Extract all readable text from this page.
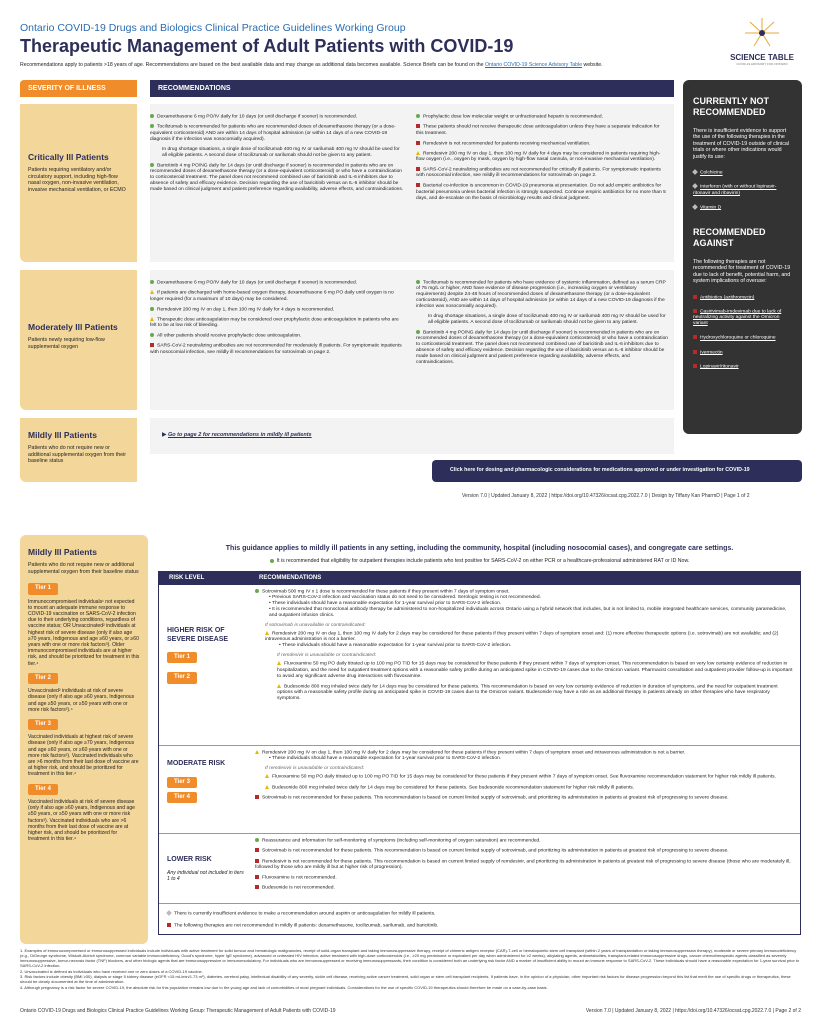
Ontario COVID-19 Drugs and Biologics Clinical Practice Guidelines Working Group
Therapeutic Management of Adult Patients with COVID-19
Recommendations apply to patients >18 years of age. Recommendations are based on the best available data and may change as additional data becomes available. Science Briefs can be found on the Ontario COVID-19 Science Advisory Table website.
SCIENCE TABLE
COVID-19 ADVISORY FOR ONTARIO
SEVERITY OF ILLNESS	RECOMMENDATIONS
Critically Ill Patients
Patients requiring ventilatory and/or circulatory support, including high-flow nasal oxygen, non-invasive ventilation, invasive mechanical ventilation, or ECMO
Dexamethasone 6 mg PO/IV daily for 10 days (or until discharge if sooner) is recommended.
Tocilizumab is recommended for patients who are recommended doses of dexamethasone therapy (or a dose-equivalent corticosteroid) AND are within 14 days of hospital admission (or within 14 days of a new COVID-19 diagnosis if the infection was nosocomially acquired).
In drug shortage situations, a single dose of tocilizumab 400 mg IV or sarilumab 400 mg IV should be used for all eligible patients. A second dose of tocilizumab or sarilumab should not be given to any patient.
Baricitinib 4 mg PO/NG daily for 14 days (or until discharge if sooner) is recommended in patients who are on recommended doses of dexamethasone therapy (or a dose-equivalent corticosteroid) or who have a contraindication to corticosteroid treatment. The panel does not recommend combined use of baricitinib and IL-6 inhibitors due to absence of safety and efficacy evidence. Decision regarding the use of baricitinib versus an IL-6 inhibitor should be made based on clinical judgment and patient preference regarding availability, adverse effects, and contraindications.
Prophylactic dose low molecular weight or unfractionated heparin is recommended.
These patients should not receive therapeutic dose anticoagulation unless they have a separate indication for this treatment.
Remdesivir is not recommended for patients receiving mechanical ventilation.
Remdesivir 200 mg IV on day 1, then 100 mg IV daily for 4 days may be considered in patients requiring high-flow oxygen (i.e., oxygen by mask, oxygen by high-flow nasal cannula, or non-invasive mechanical ventilation).
SARS-CoV-2 neutralizing antibodies are not recommended for critically ill patients. For symptomatic inpatients with nosocomial infection, see mildly ill recommendations for sotrovimab on page 2.
Bacterial co-infection is uncommon in COVID-19 pneumonia at presentation. Do not add empiric antibiotics for bacterial pneumonia unless bacterial infection is strongly suspected. Continue empiric antibiotics for no more than 5 days, and de-escalate on the basis of microbiology results and clinical judgment.
Moderately Ill Patients
Patients newly requiring low-flow supplemental oxygen
Dexamethasone 6 mg PO/IV daily for 10 days (or until discharge if sooner) is recommended.
If patients are discharged with home-based oxygen therapy, dexamethasone 6 mg PO daily until oxygen is no longer required (for a maximum of 10 days) may be considered.
Remdesivir 200 mg IV on day 1, then 100 mg IV daily for 4 days is recommended.
Therapeutic dose anticoagulation may be considered over prophylactic dose anticoagulation in patients who are felt to be at low risk of bleeding.
All other patients should receive prophylactic dose anticoagulation.
SARS-CoV-2 neutralizing antibodies are not recommended for moderately ill patients. For symptomatic inpatients with nosocomial infection, see mildly ill recommendations for sotrovimab on page 2.
Tocilizumab is recommended for patients who have evidence of systemic inflammation, defined as a serum CRP of 75 mg/L or higher, AND have evidence of disease progression (i.e., increasing oxygen or ventilatory requirements) despite 24-48 hours of recommended doses of dexamethasone therapy (or a dose-equivalent corticosteroid), AND are within 14 days of hospital admission (or within 14 days of a new COVID-19 diagnosis if the infection was nosocomially acquired).
In drug shortage situations, a single dose of tocilizumab 400 mg IV or sarilumab 400 mg IV should be used for all eligible patients. A second dose of tocilizumab or sarilumab should not be given to any patient.
Baricitinib 4 mg PO/NG daily for 14 days (or until discharge if sooner) is recommended in patients who are on recommended doses of dexamethasone therapy (or a dose-equivalent corticosteroid) or who have a contraindication to corticosteroid treatment. The panel does not recommend combined use of baricitinib and IL-6 inhibitors due to absence of safety and efficacy evidence. Decision regarding the use of baricitinib versus an IL-6 inhibitor should be made based on clinical judgment and patient preference regarding availability, adverse effects, and contraindications.
Mildly Ill Patients
Patients who do not require new or additional supplemental oxygen from their baseline status
▶ Go to page 2 for recommendations in mildly ill patients
CURRENTLY NOT RECOMMENDED
There is insufficient evidence to support the use of the following therapies in the treatment of COVID-19 outside of clinical trials or where other indications would justify its use:
Colchicine
Interferon (with or without lopinavir-ritonavir and ribavirin)
Vitamin D
RECOMMENDED AGAINST
The following therapies are not recommended for treatment of COVID-19 due to lack of benefit, potential harm, and system implications of overuse:
Antibiotics (azithromycin)
Casirivimab-imdevimab due to lack of neutralizing activity against the Omicron variant
Hydroxychloroquine or chloroquine
Ivermectin
Lopinavir/ritonavir
Click here for dosing and pharmacologic considerations for medications approved or under investigation for COVID-19
Version 7.0 | Updated January 8, 2022 | https://doi.org/10.47326/ocsat.cpg.2022.7.0 | Design by Tiffany Kan PharmD | Page 1 of 2
Mildly Ill Patients
Patients who do not require new or additional supplemental oxygen from their baseline status
Tier 1
Immunocompromised individuals¹ not expected to mount an adequate immune response to COVID-19 vaccination or SARS-CoV-2 infection due to their underlying conditions, regardless of vaccine status; OR Unvaccinated² individuals at highest risk of severe disease (only if also age ≥70 years, Indigenous and age ≥60 years, or ≥60 years with one or more risk factors³). Older immunocompromised individuals are at higher risk, and should be prioritized for treatment in this tier.⁴
Tier 2
Unvaccinated² individuals at risk of severe disease (only if also age ≥60 years, Indigenous and age ≥50 years, or ≥50 years with one or more risk factors³).⁴
Tier 3
Vaccinated individuals at highest risk of severe disease (only if also age ≥70 years, Indigenous and age ≥60 years, or ≥60 years with one or more risk factors³). Vaccinated individuals who are >6 months from their last dose of vaccine are at higher risk, and should be prioritized for treatment in this tier.⁴
Tier 4
Vaccinated individuals at risk of severe disease (only if also age ≥60 years, Indigenous and age ≥50 years, or ≥50 years with one or more risk factors³). Vaccinated individuals who are >6 months from their last dose of vaccine are at higher risk, and should be prioritized for treatment in this tier.⁴
This guidance applies to mildly ill patients in any setting, including the community, hospital (including nosocomial cases), and congregate care settings.
It is recommended that eligibility for outpatient therapies include patients who test positive for SARS-CoV-2 on either PCR or a healthcare-professional administered RAT or ID Now.
RISK LEVEL	RECOMMENDATIONS
HIGHER RISK OF SEVERE DISEASE
Tier 1
Tier 2
Sotrovimab 500 mg IV x 1 dose is recommended for these patients if they present within 7 days of symptom onset.
• Previous SARS-CoV-2 infection and vaccination status do not need to be considered. Serologic testing is not recommended.
• These individuals should have a reasonable expectation for 1-year survival prior to SARS-CoV-2 infection.
• It is recommended that monoclonal antibody therapy be administered to non-hospitalized individuals across Ontario using a hybrid network that includes, but is not limited to, mobile integrated healthcare services, community paramedicine, and outpatient infusion clinics.
If sotrovimab is unavailable or contraindicated:
Remdesivir 200 mg IV on day 1, then 100 mg IV daily for 2 days may be considered for these patients if they present within 7 days of symptom onset and: (1) more effective therapeutic options (i.e. sotrovimab) are not available; and (2) intravenous administration is not a barrier.
• These individuals should have a reasonable expectation for 1-year survival prior to SARS-CoV-2 infection.
If remdesivir is unavailable or contraindicated:
Fluvoxamine 50 mg PO daily titrated up to 100 mg PO TID for 15 days may be considered for these patients if they present within 7 days of symptom onset. This recommendation is based on very low certainty evidence of reduction in hospitalization, and the need for outpatient treatment options with a reasonable safety profile during an anticipated spike in COVID-19 cases due to the Omicron variant. Pharmacist consultation and outpatient provider follow-up is important to avoid any significant adverse drug interactions with fluvoxamine.
Budesonide 800 mcg inhaled twice daily for 14 days may be considered for these patients. This recommendation is based on very low certainty evidence of reduction in duration of symptoms, and the need for outpatient treatment options with a reasonable safety profile during an anticipated spike in COVID-19 cases due to the Omicron variant. Budesonide may have a role as an additional therapy in patients already on other therapies who have respiratory symptoms.
MODERATE RISK
Tier 3
Tier 4
Remdesivir 200 mg IV on day 1, then 100 mg IV daily for 2 days may be considered for these patients if they present within 7 days of symptom onset and intravenous administration is not a barrier.
• These individuals should have a reasonable expectation for 1-year survival prior to SARS-CoV-2 infection.
If remdesivir is unavailable or contraindicated:
Fluvoxamine 50 mg PO daily titrated up to 100 mg PO TID for 15 days may be considered for these patients if they present within 7 days of symptom onset. See fluvoxamine recommendation statement for higher risk mildly ill patients.
Budesonide 800 mcg inhaled twice daily for 14 days may be considered for these patients. See budesonide recommendation statement for higher risk mildly ill patients.
Sotrovimab is not recommended for these patients. This recommendation is based on current limited supply of sotrovimab, and prioritizing its administration in patients at greatest risk of progressing to severe disease.
LOWER RISK
Any individual not included in tiers 1 to 4
Reassurance and information for self-monitoring of symptoms (including self-monitoring of oxygen saturation) are recommended.
Sotrovimab is not recommended for these patients. This recommendation is based on current limited supply of sotrovimab, and prioritizing its administration in patients at greatest risk of progressing to severe disease.
Remdesivir is not recommended for these patients. This recommendation is based on current limited supply of remdesivir, and prioritizing its administration in patients at greatest risk of progressing to severe disease (those who are moderately ill, followed by those who are mildly ill but at higher risk of progression).
Fluvoxamine is not recommended.
Budesonide is not recommended.
There is currently insufficient evidence to make a recommendation around aspirin or anticoagulation for mildly ill patients.
The following therapies are not recommended in mildly ill patients: dexamethasone, tocilizumab, sarilumab, and baricitinib.
1. Examples of immunocompromised or immunosuppressed individuals include individuals with active treatment for solid tumour and hematologic malignancies, receipt of solid-organ transplant and taking immunosuppressive therapy, receipt of chimeric antigen receptor (CAR)-T-cell or hematopoietic stem cell transplant (within 2 years of transplantation or taking immunosuppression therapy), moderate or severe primary immunodeficiency (e.g., DiGeorge syndrome, Wiskott-Aldrich syndrome, common variable immunodeficiency, Good's syndrome, hyper IgE syndrome), advanced or untreated HIV infection, active treatment with high-dose corticosteroids (i.e., ≥20 mg prednisone or equivalent per day when administered for ≥2 weeks), alkylating agents, antimetabolites, transplant-related immunosuppressive drugs, cancer chemotherapeutic agents classified as severely immunosuppressive, tumor-necrosis factor (TNF) blockers, and other biologic agents that are immunosuppressive or immunomodulatory. For individuals who are immunosuppressed or receiving immunosuppressants, their condition is considered both an underlying risk factor AND a marker of insufficient ability to mount an immune response to SARS-CoV-2. These individuals should have a reasonable expectation for 1-year survival prior to SARS-CoV-2 infection.
2. Unvaccinated is defined as individuals who have received one or zero doses of a COVID-19 vaccine.
3. Risk factors include obesity (BMI ≥30), dialysis or stage 5 kidney disease (eGFR <15 mL/min/1.73 m²), diabetes, cerebral palsy, intellectual disability of any severity, sickle cell disease, receiving active cancer treatment, solid organ or stem cell transplant recipients. If patients have, in the opinion of a physician, other important risk factors for disease progression beyond this list that merit the use of specific drugs or therapeutics, these should be clearly documented at the time of administration.
4. Although pregnancy is a risk factor for severe COVID-19, the absolute risk for this population remains low due to the young age and lack of comorbidities of most pregnant individuals. Considerations for the use of specific COVID-19 therapeutics should therefore be made on a case-by-case basis.
Ontario COVID-19 Drugs and Biologics Clinical Practice Guidelines Working Group: Therapeutic Management of Adult Patients with COVID-19	Version 7.0 | Updated January 8, 2022 | https://doi.org/10.47326/ocsat.cpg.2022.7.0 | Page 2 of 2
